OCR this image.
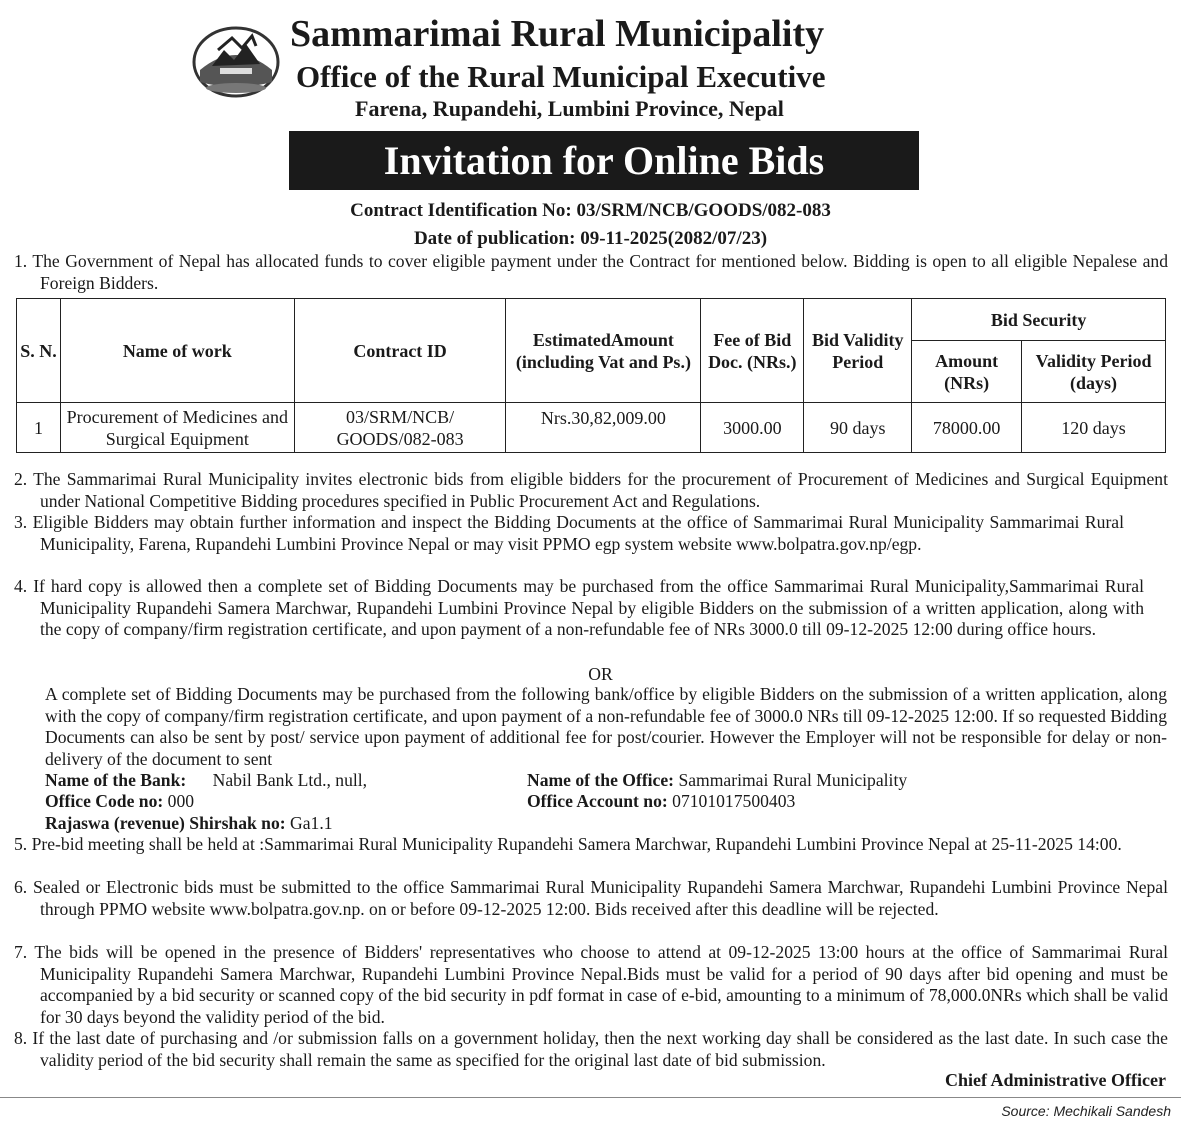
Sammarimai Rural Municipality
Office of the Rural Municipal Executive
Farena, Rupandehi, Lumbini Province, Nepal
Invitation for Online Bids
Contract Identification No: 03/SRM/NCB/GOODS/082-083
Date of publication: 09-11-2025(2082/07/23)
1. The Government of Nepal has allocated funds to cover eligible payment under the Contract for mentioned below. Bidding is open to all eligible Nepalese and Foreign Bidders.
S. N.	Name of work	Contract ID	EstimatedAmount (including Vat and Ps.)	Fee of Bid Doc. (NRs.)	Bid Validity Period	Bid Security	
						Amount (NRs)	Validity Period (days)
1	Procurement of Medicines and Surgical Equipment	03/SRM/NCB/ GOODS/082-083	Nrs.30,82,009.00	3000.00	90 days	78000.00	120 days
2. The Sammarimai Rural Municipality invites electronic bids from eligible bidders for the procurement of Procurement of Medicines and Surgical Equipment under National Competitive Bidding procedures specified in Public Procurement Act and Regulations.
3. Eligible Bidders may obtain further information and inspect the Bidding Documents at the office of Sammarimai Rural Municipality Sammarimai Rural Municipality, Farena, Rupandehi Lumbini Province Nepal or may visit PPMO egp system website www.bolpatra.gov.np/egp.
4. If hard copy is allowed then a complete set of Bidding Documents may be purchased from the office Sammarimai Rural Municipality,Sammarimai Rural Municipality Rupandehi Samera Marchwar, Rupandehi Lumbini Province Nepal by eligible Bidders on the submission of a written application, along with the copy of company/firm registration certificate, and upon payment of a non-refundable fee of NRs 3000.0 till 09-12-2025 12:00 during office hours.
OR
A complete set of Bidding Documents may be purchased from the following bank/office by eligible Bidders on the submission of a written application, along with the copy of company/firm registration certificate, and upon payment of a non-refundable fee of 3000.0 NRs till 09-12-2025 12:00. If so requested Bidding Documents can also be sent by post/ service upon payment of additional fee for post/courier. However the Employer will not be responsible for delay or non-delivery of the document to sent
Name of the Bank: Nabil Bank Ltd., null,	Name of the Office: Sammarimai Rural Municipality
Office Code no: 000	Office Account no: 07101017500403
Rajaswa (revenue) Shirshak no: Ga1.1
5. Pre-bid meeting shall be held at :Sammarimai Rural Municipality Rupandehi Samera Marchwar, Rupandehi Lumbini Province Nepal at 25-11-2025 14:00.
6. Sealed or Electronic bids must be submitted to the office Sammarimai Rural Municipality Rupandehi Samera Marchwar, Rupandehi Lumbini Province Nepal through PPMO website www.bolpatra.gov.np. on or before 09-12-2025 12:00. Bids received after this deadline will be rejected.
7. The bids will be opened in the presence of Bidders' representatives who choose to attend at 09-12-2025 13:00 hours at the office of Sammarimai Rural Municipality Rupandehi Samera Marchwar, Rupandehi Lumbini Province Nepal.Bids must be valid for a period of 90 days after bid opening and must be accompanied by a bid security or scanned copy of the bid security in pdf format in case of e-bid, amounting to a minimum of 78,000.0NRs which shall be valid for 30 days beyond the validity period of the bid.
8. If the last date of purchasing and /or submission falls on a government holiday, then the next working day shall be considered as the last date. In such case the validity period of the bid security shall remain the same as specified for the original last date of bid submission.
Chief Administrative Officer
Source: Mechikali Sandesh
